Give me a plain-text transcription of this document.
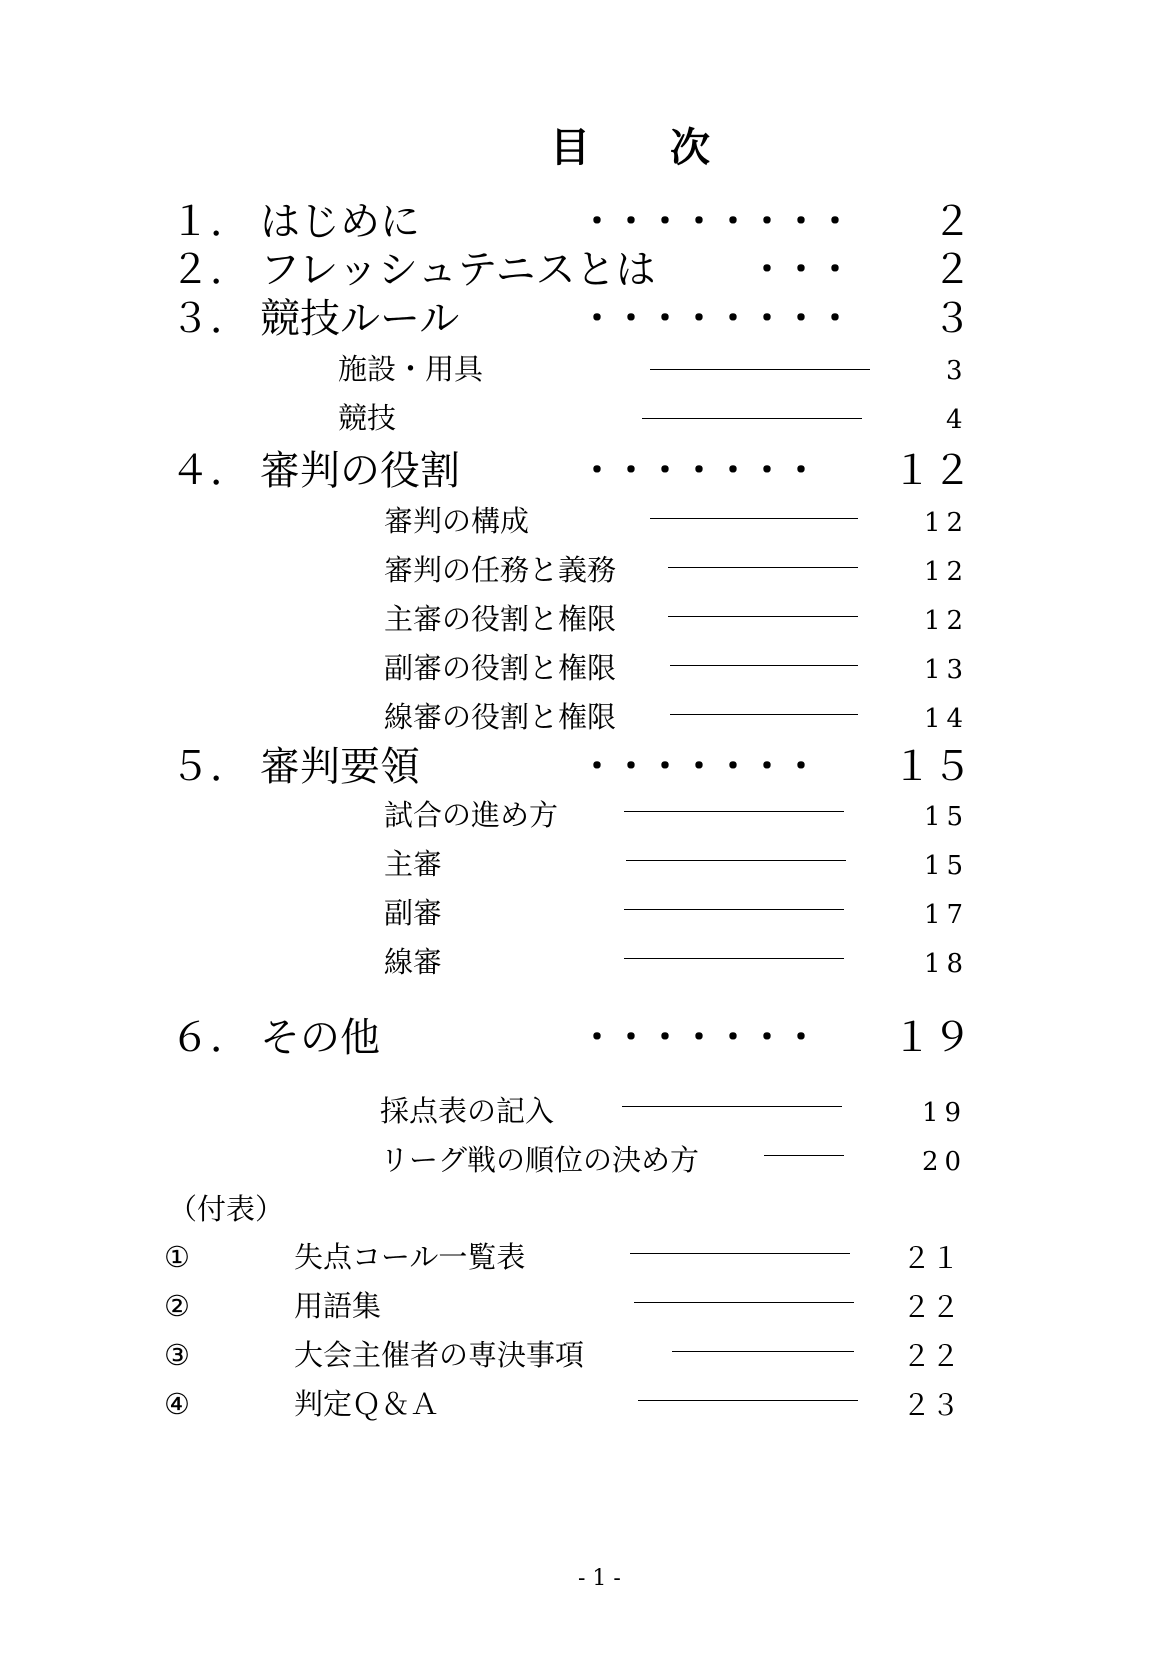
目　次
１． はじめに	・・・・・・・・ ２
２． フレッシュテニスとは	・・・ ２
３． 競技ルール	・・・・・・・・ ３
施設・用具	3
競技	4
４． 審判の役割	・・・・・・・ １２
審判の構成	12
審判の任務と義務	12
主審の役割と権限	12
副審の役割と権限	13
線審の役割と権限	14
５． 審判要領	・・・・・・・ １５
試合の進め方	15
主審	15
副審	17
線審	18
６． その他	・・・・・・・ １９
採点表の記入	19
リーグ戦の順位の決め方	20
（付表）
①	失点コール一覧表	２１
②	用語集	２２
③	大会主催者の専決事項	２２
④	判定Ｑ＆Ａ	２３
- 1 -
